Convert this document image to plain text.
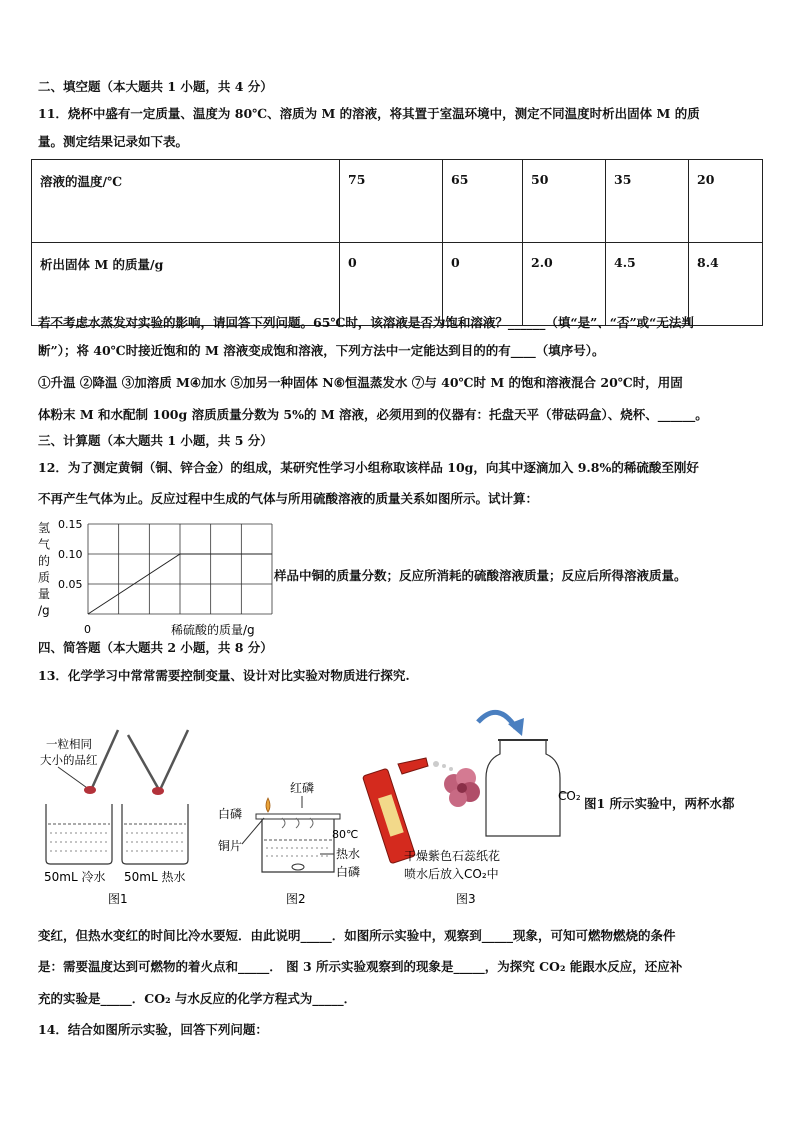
二、填空题（本大题共 1 小题，共 4 分）
11．烧杯中盛有一定质量、温度为 80℃、溶质为 M 的溶液，将其置于室温环境中，测定不同温度时析出固体 M 的质
量。测定结果记录如下表。
溶液的温度/℃	75	65	50	35	20
析出固体 M 的质量/g	0	0	2.0	4.5	8.4
若不考虑水蒸发对实验的影响，请回答下列问题。65℃时，该溶液是否为饱和溶液？______（填“是”、“否”或“无法判
断”）；将 40℃时接近饱和的 M 溶液变成饱和溶液，下列方法中一定能达到目的的有____（填序号）。
①升温 ②降温 ③加溶质 M④加水 ⑤加另一种固体 N⑥恒温蒸发水 ⑦与 40℃时 M 的饱和溶液混合 20℃时，用固
体粉末 M 和水配制 100g 溶质质量分数为 5%的 M 溶液，必须用到的仪器有：托盘天平（带砝码盒）、烧杯、______。
三、计算题（本大题共 1 小题，共 5 分）
12．为了测定黄铜（铜、锌合金）的组成，某研究性学习小组称取该样品 10g，向其中逐滴加入 9.8%的稀硫酸至刚好
不再产生气体为止。反应过程中生成的气体与所用硫酸溶液的质量关系如图所示。试计算：
氢
气
的
质
量
/g
0.15
0.10
0.05
0	稀硫酸的质量/g
样品中铜的质量分数；反应所消耗的硫酸溶液质量；反应后所得溶液质量。
四、简答题（本大题共 2 小题，共 8 分）
13．化学学习中常常需要控制变量、设计对比实验对物质进行探究.
一粒相同
大小的品红
50mL 冷水 50mL 热水
图1
红磷
白磷
铜片
80℃
热水
白磷
图2
CO₂
干燥紫色石蕊纸花
喷水后放入CO₂中
图3
图1 所示实验中，两杯水都
变红，但热水变红的时间比冷水要短．由此说明_____．如图所示实验中，观察到_____现象，可知可燃物燃烧的条件
是：需要温度达到可燃物的着火点和_____． 图 3 所示实验观察到的现象是_____，为探究 CO₂ 能跟水反应，还应补
充的实验是_____．CO₂ 与水反应的化学方程式为_____．
14．结合如图所示实验，回答下列问题：
